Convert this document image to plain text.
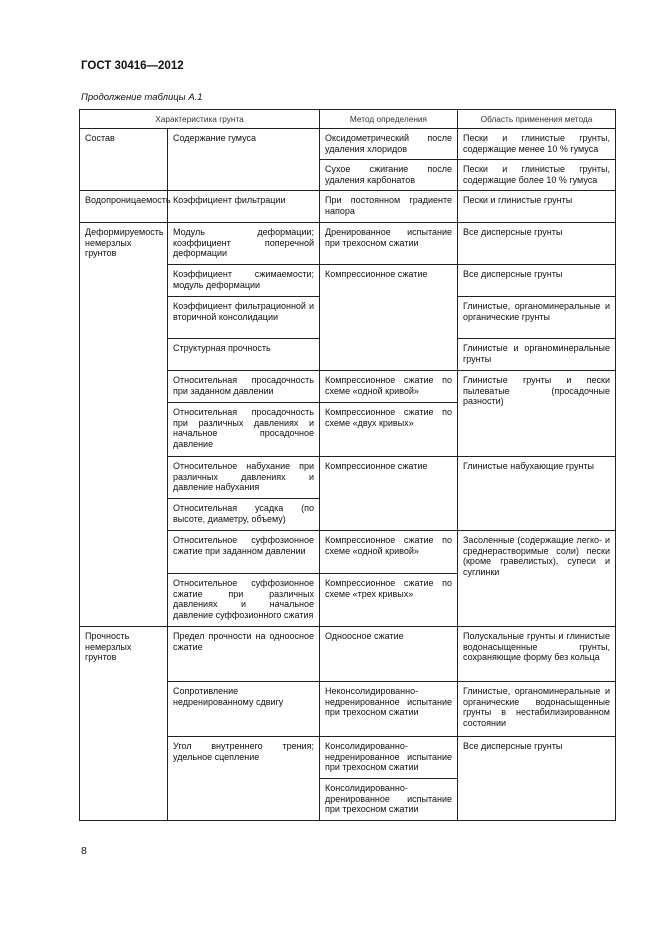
ГОСТ 30416—2012
Продолжение таблицы А.1
Характеристика грунта		Метод определения	Область применения метода
Состав	Содержание гумуса	Оксидометрический после удаления хлоридов	Пески и глинистые грунты, содержащие менее 10 % гумуса
		Сухое сжигание после удаления карбонатов	Пески и глинистые грунты, содержащие более 10 % гумуса
Водопроницаемость	Коэффициент фильтрации	При постоянном градиенте напора	Пески и глинистые грунты
Деформируемость немерзлых грунтов	Модуль деформации; коэффициент поперечной деформации	Дренированное испытание при трехосном сжатии	Все дисперсные грунты
	Коэффициент сжимаемости; модуль деформации	Компрессионное сжатие	Все дисперсные грунты
	Коэффициент фильтрационной и вторичной консолидации		Глинистые, органоминеральные и органические грунты
	Структурная прочность		Глинистые и органоминеральные грунты
	Относительная просадочность при заданном давлении	Компрессионное сжатие по схеме «одной кривой»	Глинистые грунты и пески пылеватые (просадочные разности)
	Относительная просадочность при различных давлениях и начальное просадочное давление	Компрессионное сжатие по схеме «двух кривых»	
	Относительное набухание при различных давлениях и давление набухания	Компрессионное сжатие	Глинистые набухающие грунты
	Относительная усадка (по высоте, диаметру, объему)		
	Относительное суффозионное сжатие при заданном давлении	Компрессионное сжатие по схеме «одной кривой»	Засоленные (содержащие легко- и среднерастворимые соли) пески (кроме гравелистых), супеси и суглинки
	Относительное суффозионное сжатие при различных давлениях и начальное давление суффозионного сжатия	Компрессионное сжатие по схеме «трех кривых»	
Прочность немерзлых грунтов	Предел прочности на одноосное сжатие	Одноосное сжатие	Полускальные грунты и глинистые водонасыщенные грунты, сохраняющие форму без кольца
	Сопротивление недренированному сдвигу	Неконсолидированно-недренированное испытание при трехосном сжатии	Глинистые, органоминеральные и органические водонасыщенные грунты в нестабилизированном состоянии
	Угол внутреннего трения; удельное сцепление	Консолидированно-недренированное испытание при трехосном сжатии	Все дисперсные грунты
		Консолидированно-дренированное испытание при трехосном сжатии	
8
